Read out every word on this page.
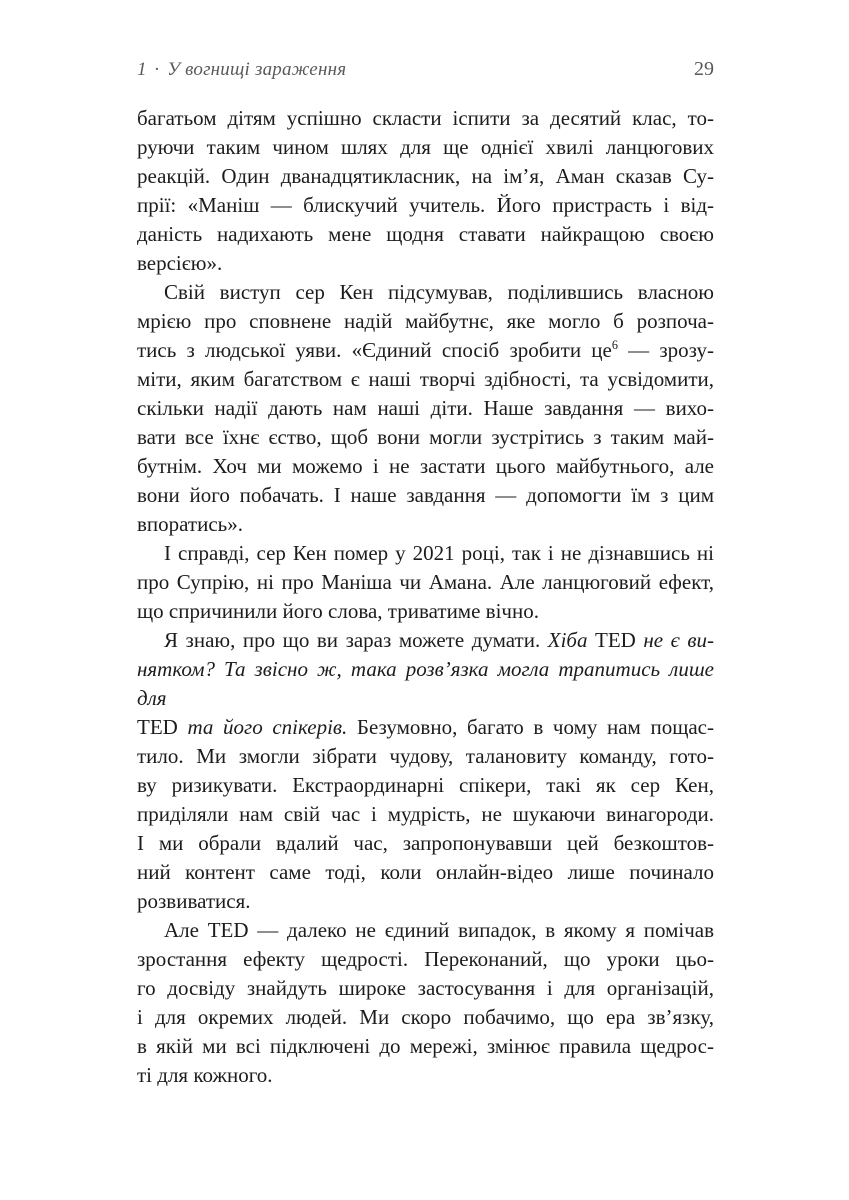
1 · У вогнищі зараження	29
багатьом дітям успішно скласти іспити за десятий клас, то-
руючи таким чином шлях для ще однієї хвилі ланцюгових
реакцій. Один дванадцятикласник, на ім’я, Аман сказав Су-
прії: «Маніш — блискучий учитель. Його пристрасть і від-
даність надихають мене щодня ставати найкращою своєю
версією».
Свій виступ сер Кен підсумував, поділившись власною
мрією про сповнене надій майбутнє, яке могло б розпоча-
тись з людської уяви. «Єдиний спосіб зробити це$^6$ — зрозу-
міти, яким багатством є наші творчі здібності, та усвідомити,
скільки надії дають нам наші діти. Наше завдання — вихо-
вати все їхнє єство, щоб вони могли зустрітись з таким май-
бутнім. Хоч ми можемо і не застати цього майбутнього, але
вони його побачать. І наше завдання — допомогти їм з цим
впоратись».
І справді, сер Кен помер у 2021 році, так і не дізнавшись ні
про Супрію, ні про Маніша чи Амана. Але ланцюговий ефект,
що спричинили його слова, триватиме вічно.
Я знаю, про що ви зараз можете думати. Хіба TED не є ви-
нятком? Та звісно ж, така розв’язка могла трапитись лише для
TED та його спікерів. Безумовно, багато в чому нам пощас-
тило. Ми змогли зібрати чудову, талановиту команду, гото-
ву ризикувати. Екстраординарні спікери, такі як сер Кен,
приділяли нам свій час і мудрість, не шукаючи винагороди.
І ми обрали вдалий час, запропонувавши цей безкоштов-
ний контент саме тоді, коли онлайн-відео лише починало
розвиватися.
Але TED — далеко не єдиний випадок, в якому я помічав
зростання ефекту щедрості. Переконаний, що уроки цьо-
го досвіду знайдуть широке застосування і для організацій,
і для окремих людей. Ми скоро побачимо, що ера зв’язку,
в якій ми всі підключені до мережі, змінює правила щедрос-
ті для кожного.
